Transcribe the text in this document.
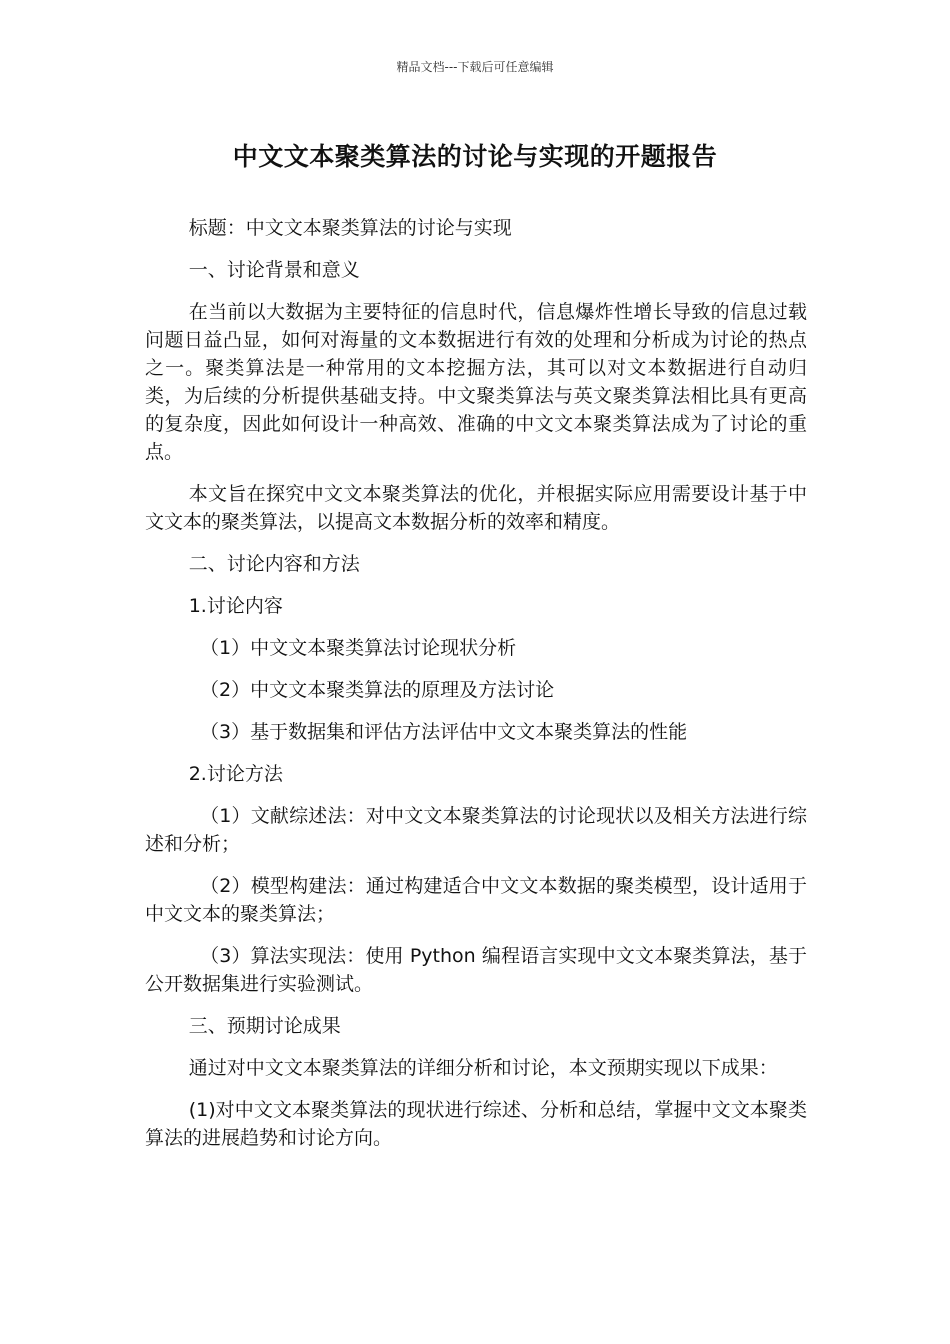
精品文档---下载后可任意编辑
中文文本聚类算法的讨论与实现的开题报告

标题：中文文本聚类算法的讨论与实现

一、讨论背景和意义

在当前以大数据为主要特征的信息时代，信息爆炸性增长导致的信息过载问题日益凸显，如何对海量的文本数据进行有效的处理和分析成为讨论的热点之一。聚类算法是一种常用的文本挖掘方法，其可以对文本数据进行自动归类，为后续的分析提供基础支持。中文聚类算法与英文聚类算法相比具有更高的复杂度，因此如何设计一种高效、准确的中文文本聚类算法成为了讨论的重点。

本文旨在探究中文文本聚类算法的优化，并根据实际应用需要设计基于中文文本的聚类算法，以提高文本数据分析的效率和精度。

二、讨论内容和方法

1.讨论内容

（1）中文文本聚类算法讨论现状分析

（2）中文文本聚类算法的原理及方法讨论

（3）基于数据集和评估方法评估中文文本聚类算法的性能

2.讨论方法

（1）文献综述法：对中文文本聚类算法的讨论现状以及相关方法进行综述和分析；

（2）模型构建法：通过构建适合中文文本数据的聚类模型，设计适用于中文文本的聚类算法；

（3）算法实现法：使用 Python 编程语言实现中文文本聚类算法，基于公开数据集进行实验测试。

三、预期讨论成果

通过对中文文本聚类算法的详细分析和讨论，本文预期实现以下成果：

(1)对中文文本聚类算法的现状进行综述、分析和总结，掌握中文文本聚类算法的进展趋势和讨论方向。
